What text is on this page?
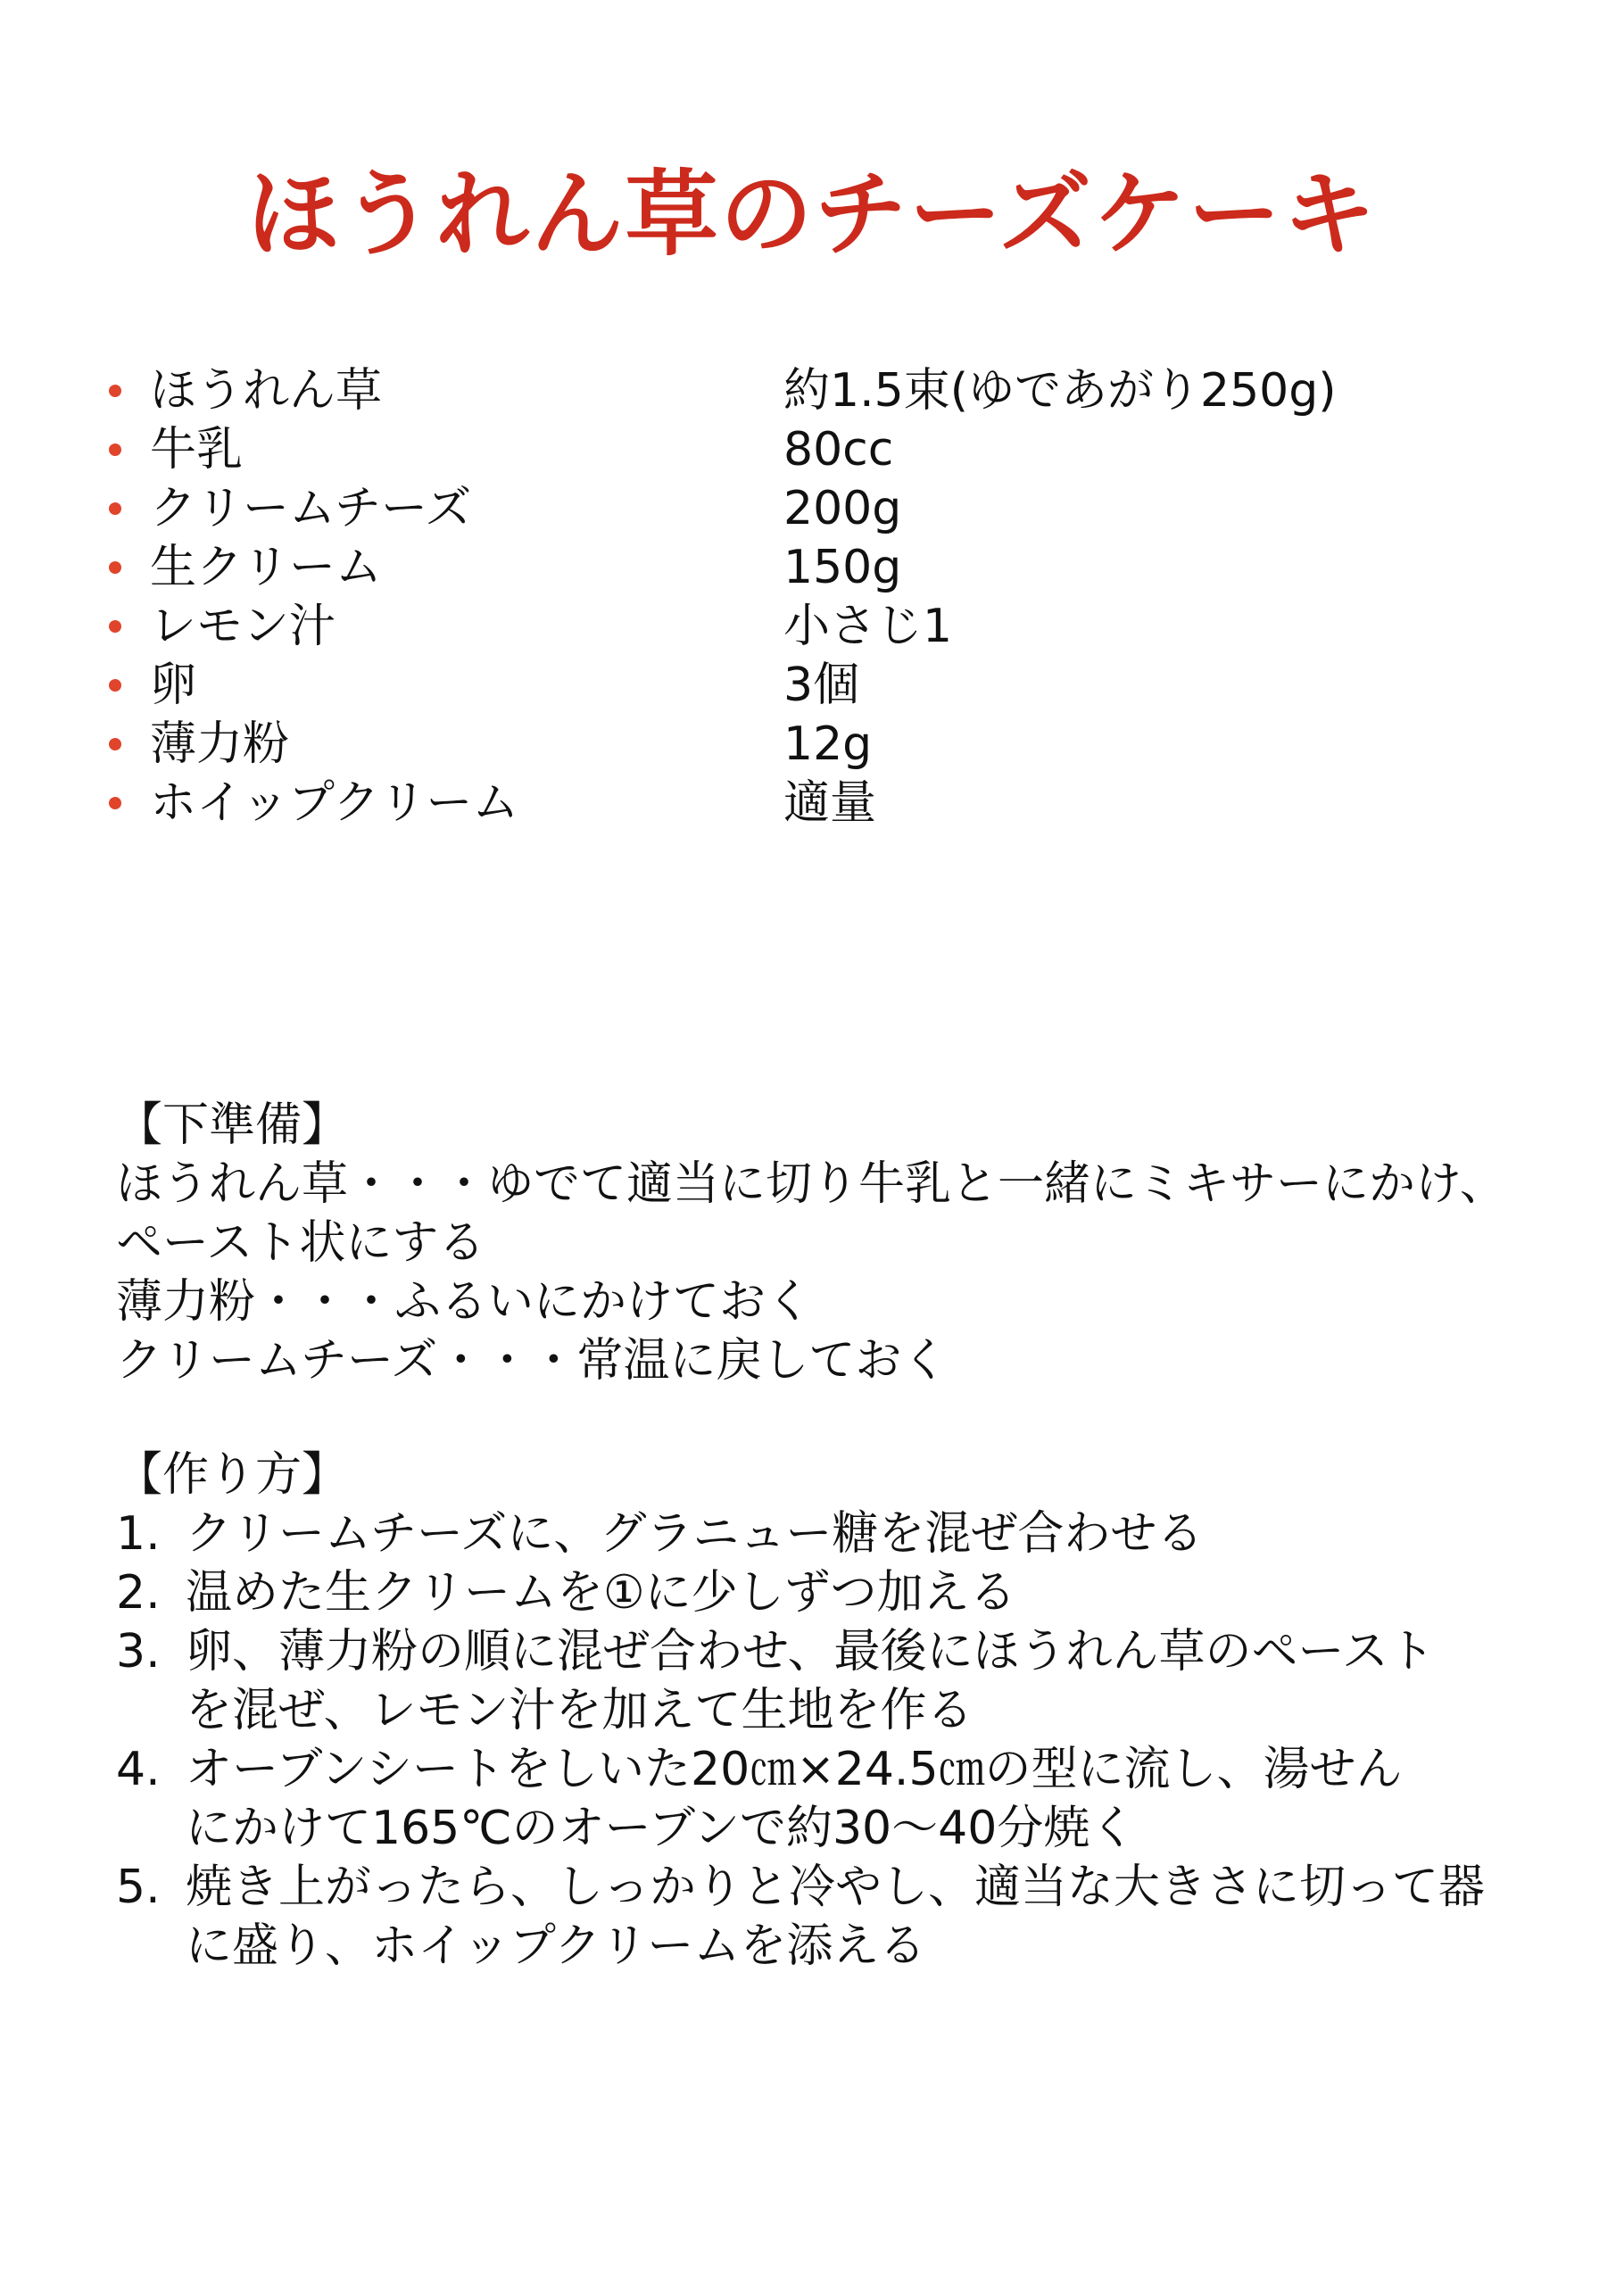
ほうれん草のチーズケーキ
ほうれん草	約1.5束(ゆであがり250g)
牛乳	80cc
クリームチーズ	200g
生クリーム	150g
レモン汁	小さじ1
卵	3個
薄力粉	12g
ホイップクリーム	適量
【下準備】
ほうれん草・・・ゆでて適当に切り牛乳と一緒にミキサーにかけ、
ペースト状にする
薄力粉・・・ふるいにかけておく
クリームチーズ・・・常温に戻しておく
【作り方】
1. クリームチーズに、グラニュー糖を混ぜ合わせる
2. 温めた生クリームを①に少しずつ加える
3. 卵、薄力粉の順に混ぜ合わせ、最後にほうれん草のペースト
を混ぜ、レモン汁を加えて生地を作る
4. オーブンシートをしいた20㎝×24.5㎝の型に流し、湯せん
にかけて165℃のオーブンで約30～40分焼く
5. 焼き上がったら、しっかりと冷やし、適当な大きさに切って器
に盛り、ホイップクリームを添える
